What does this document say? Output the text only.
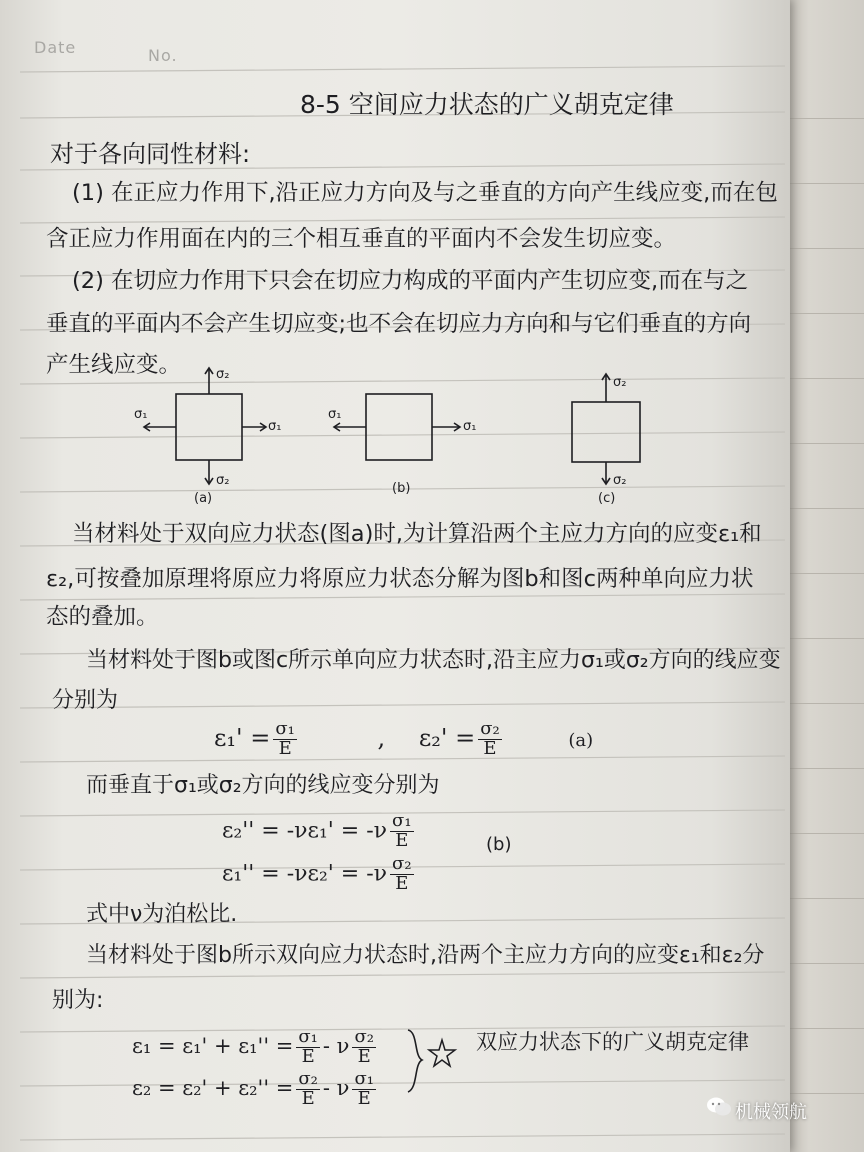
Date	No.
8-5 空间应力状态的广义胡克定律
对于各向同性材料:
(1) 在正应力作用下,沿正应力方向及与之垂直的方向产生线应变,而在包
含正应力作用面在内的三个相互垂直的平面内不会发生切应变。
(2) 在切应力作用下只会在切应力构成的平面内产生切应变,而在与之
垂直的平面内不会产生切应变;也不会在切应力方向和与它们垂直的方向
产生线应变。	σ₂
σ₂
σ₁
σ₁
(a)
σ₁
σ₁
(b)
σ₂
σ₂
(c)
当材料处于双向应力状态(图a)时,为计算沿两个主应力方向的应变ε₁和
ε₂,可按叠加原理将原应力将原应力状态分解为图b和图c两种单向应力状
态的叠加。
当材料处于图b或图c所示单向应力状态时,沿主应力σ₁或σ₂方向的线应变
分别为
$\varepsilon_1' = \frac{\text{σ₁}}{E}$	, $\varepsilon_2' = \frac{\text{σ₂}}{E}$	(a)
而垂直于σ₁或σ₂方向的线应变分别为
$\varepsilon_2'' = -\nu\varepsilon_1' = -\nu \frac{\text{σ₁}}{E}$
$\varepsilon_1'' = -\nu\varepsilon_2' = -\nu \frac{\text{σ₂}}{E}$
(b)
式中ν为泊松比.
当材料处于图b所示双向应力状态时,沿两个主应力方向的应变ε₁和ε₂分
别为:
$\varepsilon_1 = \varepsilon_1' + \varepsilon_1'' = \frac{\text{σ₁}}{E} - \nu \frac{\text{σ₂}}{E}$
$\varepsilon_2 = \varepsilon_2' + \varepsilon_2'' = \frac{\text{σ₂}}{E} - \nu \frac{\text{σ₁}}{E}$
双应力状态下的广义胡克定律
机械领航
